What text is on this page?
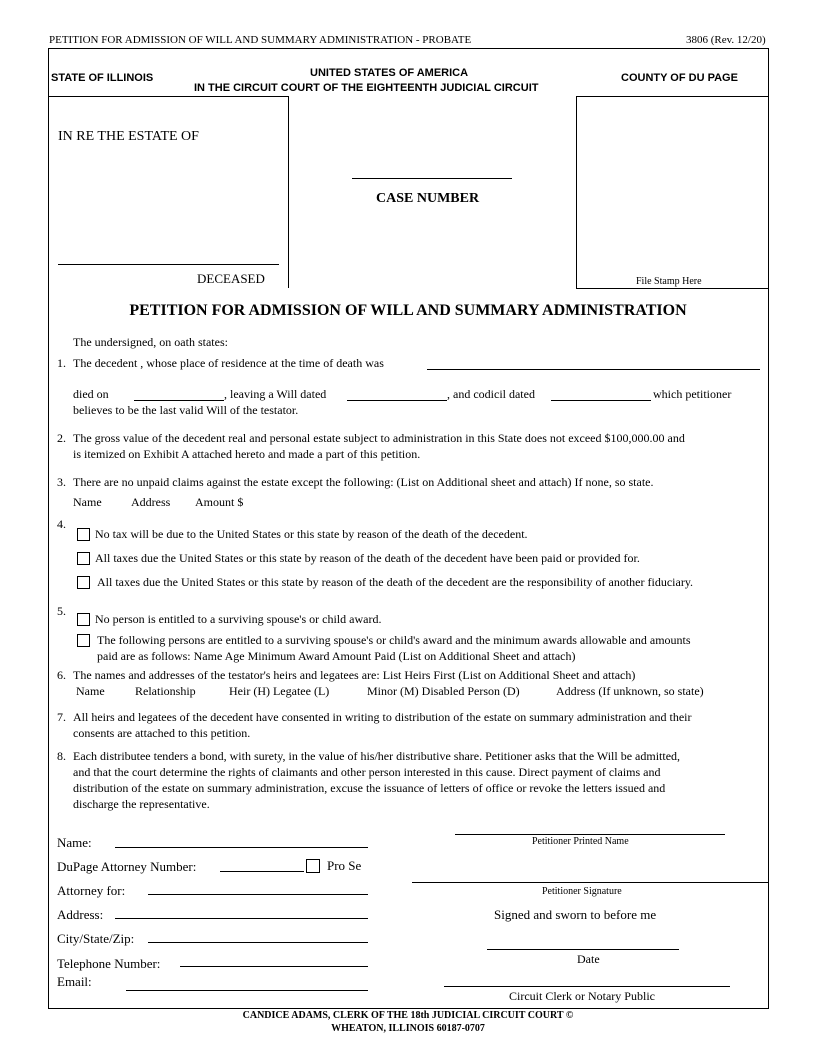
PETITION FOR ADMISSION OF WILL AND SUMMARY ADMINISTRATION - PROBATE	3806 (Rev. 12/20)
STATE OF ILLINOIS	UNITED STATES OF AMERICA
IN THE CIRCUIT COURT OF THE EIGHTEENTH JUDICIAL CIRCUIT
COUNTY OF DU PAGE
IN RE THE ESTATE OF
DECEASED
CASE NUMBER
File Stamp Here
PETITION FOR ADMISSION OF WILL AND SUMMARY ADMINISTRATION
The undersigned, on oath states:
1. The decedent , whose place of residence at the time of death was
died on	, leaving a Will dated	, and codicil dated	which petitioner
believes to be the last valid Will of the testator.
2. The gross value of the decedent real and personal estate subject to administration in this State does not exceed $100,000.00 and
is itemized on Exhibit A attached hereto and made a part of this petition.
3. There are no unpaid claims against the estate except the following: (List on Additional sheet and attach) If none, so state.
Name Address Amount $
4.
No tax will be due to the United States or this state by reason of the death of the decedent.
All taxes due the United States or this state by reason of the death of the decedent have been paid or provided for.
All taxes due the United States or this state by reason of the death of the decedent are the responsibility of another fiduciary.
5.
No person is entitled to a surviving spouse's or child award.
The following persons are entitled to a surviving spouse's or child's award and the minimum awards allowable and amounts
paid are as follows: Name Age Minimum Award Amount Paid (List on Additional Sheet and attach)
6. The names and addresses of the testator's heirs and legatees are: List Heirs First (List on Additional Sheet and attach)
Name	Relationship	Heir (H) Legatee (L)	Minor (M) Disabled Person (D)	Address (If unknown, so state)
7. All heirs and legatees of the decedent have consented in writing to distribution of the estate on summary administration and their
consents are attached to this petition.
8. Each distributee tenders a bond, with surety, in the value of his/her distributive share. Petitioner asks that the Will be admitted,
and that the court determine the rights of claimants and other person interested in this cause. Direct payment of claims and
distribution of the estate on summary administration, excuse the issuance of letters of office or revoke the letters issued and
discharge the representative.
Name:
DuPage Attorney Number:	Pro Se
Attorney for:
Address:
City/State/Zip:
Telephone Number:
Email:
Petitioner Printed Name
Petitioner Signature
Signed and sworn to before me
Date
Circuit Clerk or Notary Public
CANDICE ADAMS, CLERK OF THE 18th JUDICIAL CIRCUIT COURT ©
WHEATON, ILLINOIS 60187-0707
